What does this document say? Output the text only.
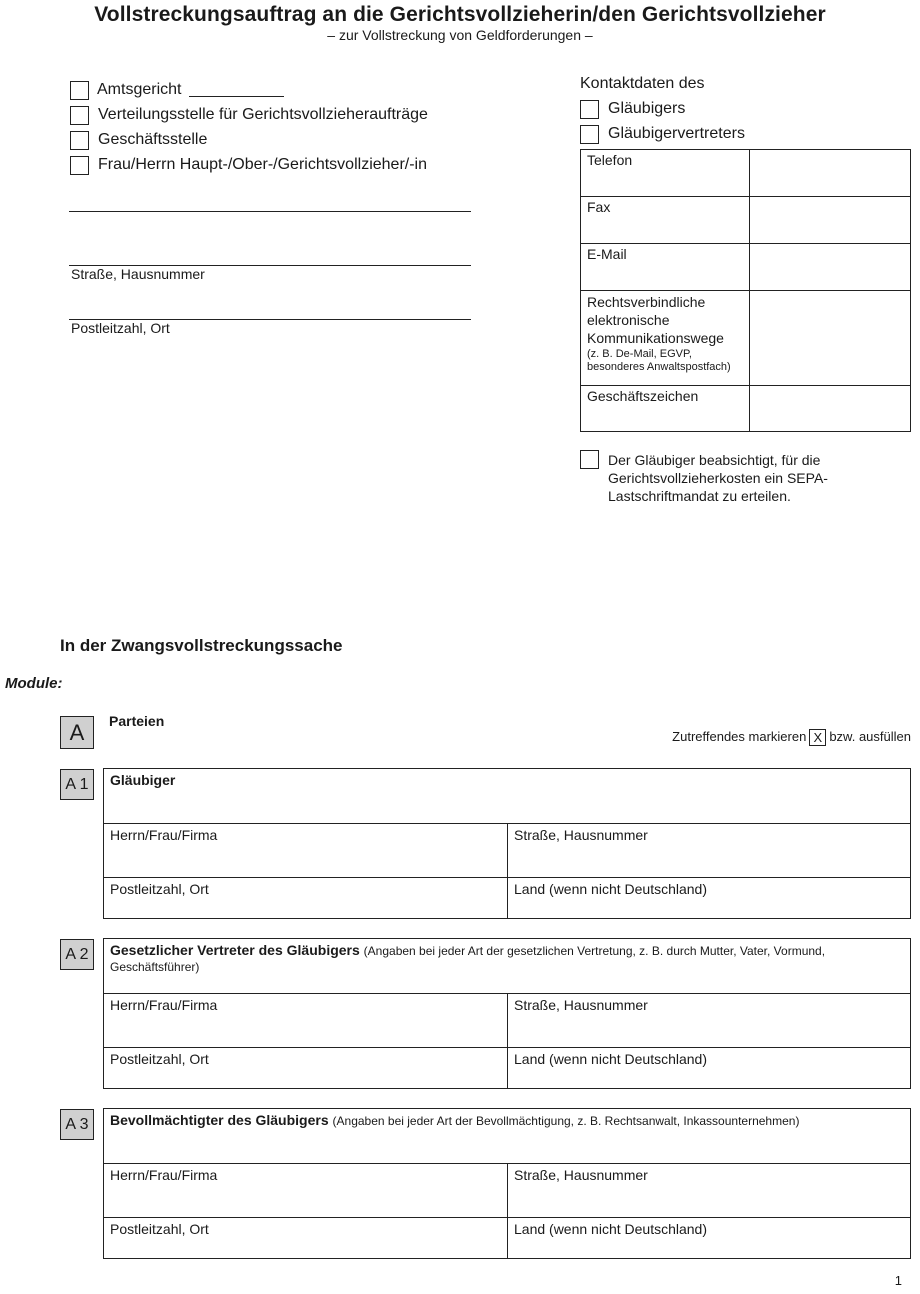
Vollstreckungsauftrag an die Gerichtsvollzieherin/den Gerichtsvollzieher
– zur Vollstreckung von Geldforderungen –
Amtsgericht
Verteilungsstelle für Gerichtsvollzieheraufträge
Geschäftsstelle
Frau/Herrn Haupt-/Ober-/Gerichtsvollzieher/-in
Straße, Hausnummer
Postleitzahl, Ort
Kontaktdaten des
Gläubigers
Gläubigervertreters
Telefon	
Fax	
E-Mail	

Rechtsverbindliche elektronische Kommunikationswege
(z. B. De-Mail, EGVP, besonderes Anwaltspostfach)	

Geschäftszeichen	
Der Gläubiger beabsichtigt, für die Gerichtsvollzieherkosten ein SEPA-Lastschriftmandat zu erteilen.
In der Zwangsvollstreckungssache
Module:
A	Parteien
Zutreffendes markieren X bzw. ausfüllen
A 1	Gläubiger	
Herrn/Frau/Firma	Straße, Hausnummer
Postleitzahl, Ort	Land (wenn nicht Deutschland)
A 2	Gesetzlicher Vertreter des Gläubigers (Angaben bei jeder Art der gesetzlichen Vertretung, z. B. durch Mutter, Vater, Vormund, Geschäftsführer)	
Herrn/Frau/Firma	Straße, Hausnummer
Postleitzahl, Ort	Land (wenn nicht Deutschland)
A 3	Bevollmächtigter des Gläubigers (Angaben bei jeder Art der Bevollmächtigung, z. B. Rechtsanwalt, Inkassounternehmen)	
Herrn/Frau/Firma	Straße, Hausnummer
Postleitzahl, Ort	Land (wenn nicht Deutschland)
1
